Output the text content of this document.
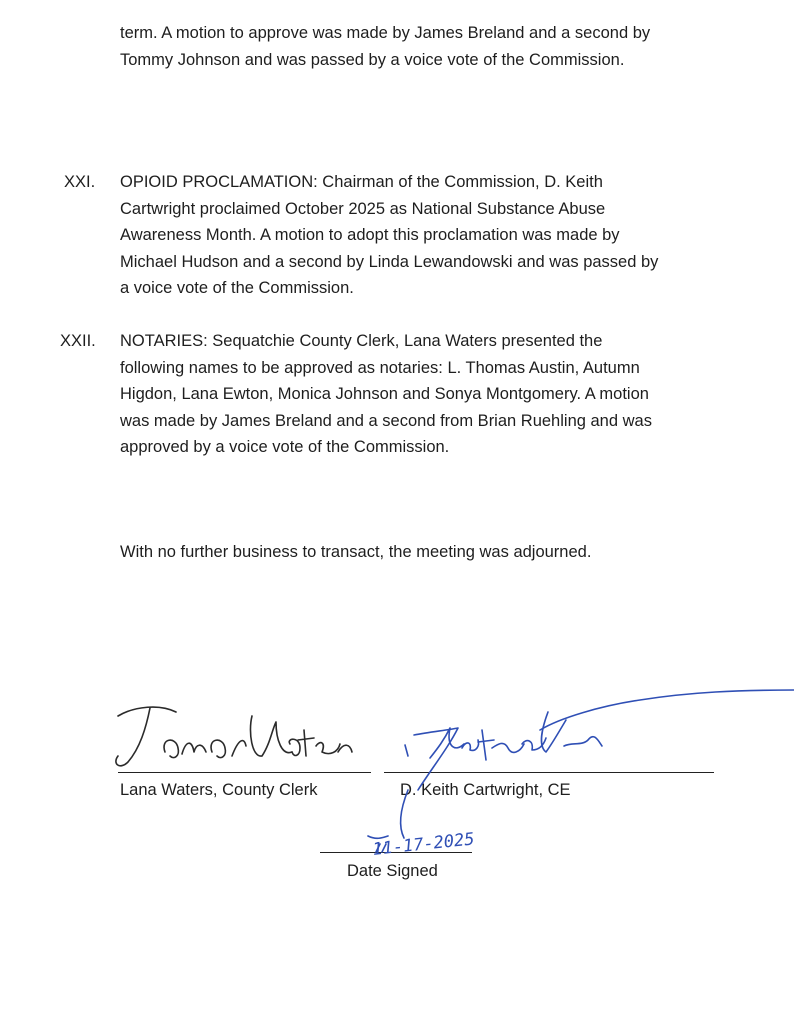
term. A motion to approve was made by James Breland and a second by
Tommy Johnson and was passed by a voice vote of the Commission.

XXI. OPIOID PROCLAMATION: Chairman of the Commission, D. Keith
Cartwright proclaimed October 2025 as National Substance Abuse
Awareness Month. A motion to adopt this proclamation was made by
Michael Hudson and a second by Linda Lewandowski and was passed by
a voice vote of the Commission.

XXII. NOTARIES: Sequatchie County Clerk, Lana Waters presented the
following names to be approved as notaries: L. Thomas Austin, Autumn
Higdon, Lana Ewton, Monica Johnson and Sonya Montgomery. A motion
was made by James Breland and a second from Brian Ruehling and was
approved by a voice vote of the Commission.

With no further business to transact, the meeting was adjourned.

Lana Waters, County Clerk	D. Keith Cartwright, CE
Date Signed
11-17-2025
